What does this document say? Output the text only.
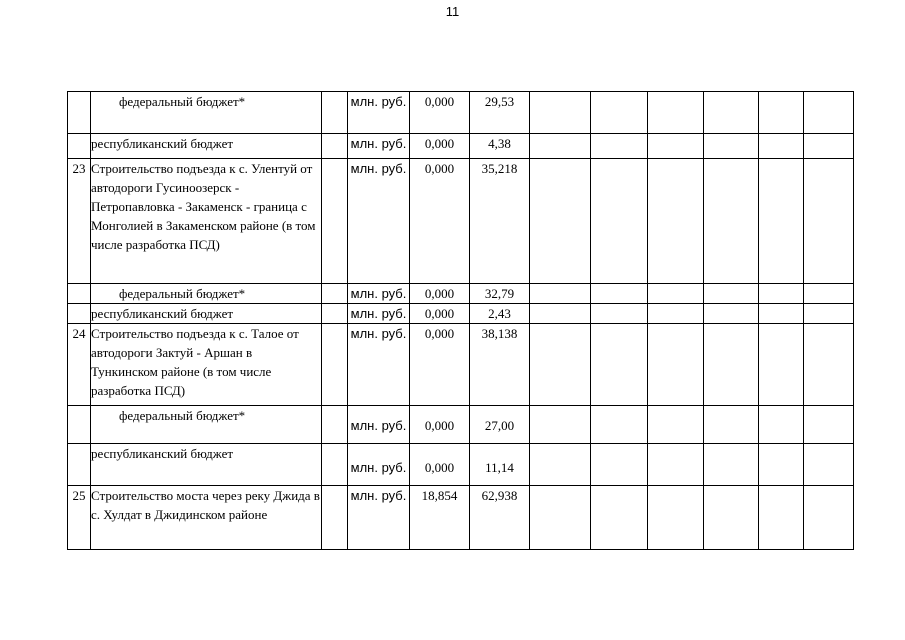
11
	федеральный бюджет*		млн. руб.	0,000	29,53						
	республиканский бюджет		млн. руб.	0,000	4,38						
23	Строительство подъезда к с. Улентуй от автодороги Гусиноозерск - Петропавловка - Закаменск - граница с Монголией в Закаменском районе (в том числе разработка ПСД)		млн. руб.	0,000	35,218						
	федеральный бюджет*		млн. руб.	0,000	32,79						
	республиканский бюджет		млн. руб.	0,000	2,43						
24	Строительство подъезда к с. Талое от автодороги Зактуй - Аршан в Тункинском районе (в том числе разработка ПСД)		млн. руб.	0,000	38,138						
	федеральный бюджет*		млн. руб.	0,000	27,00						
	республиканский бюджет		млн. руб.	0,000	11,14						
25	Строительство моста через реку Джида в с. Хулдат в Джидинском районе		млн. руб.	18,854	62,938						
